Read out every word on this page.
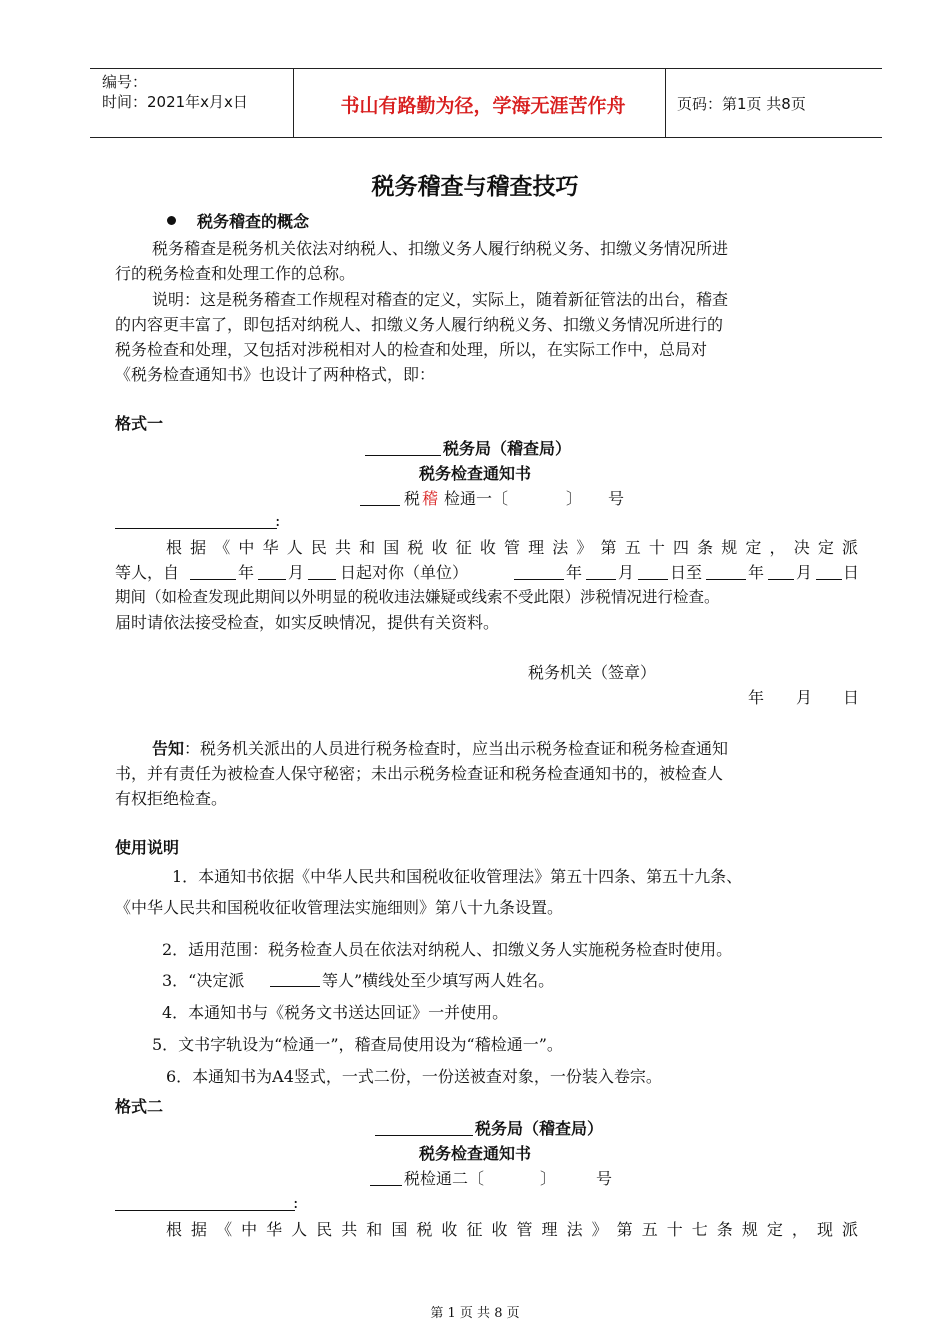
编号：
时间：2021年x月x日	书山有路勤为径，学海无涯苦作舟	页码：第1页 共8页
税务稽查与稽查技巧
税务稽查的概念
税务稽查是税务机关依法对纳税人、扣缴义务人履行纳税义务、扣缴义务情况所进
行的税务检查和处理工作的总称。
说明：这是税务稽查工作规程对稽查的定义，实际上，随着新征管法的出台，稽查
的内容更丰富了，即包括对纳税人、扣缴义务人履行纳税义务、扣缴义务情况所进行的
税务检查和处理，又包括对涉税相对人的检查和处理，所以，在实际工作中，总局对
《税务检查通知书》也设计了两种格式，即：
格式一
税务局（稽查局）
税务检查通知书
税 稽 检通一〔	〕 号
:
根据《中华人民共和国税收征收管理法》第五十四条规定，决定派
等人，自	年 月 日起对你（单位）	年 月 日至	年 月 日
期间（如检查发现此期间以外明显的税收违法嫌疑或线索不受此限）涉税情况进行检查。
届时请依法接受检查，如实反映情况，提供有关资料。
税务机关（签章）
年 月 日
告知 ：税务机关派出的人员进行税务检查时，应当出示税务检查证和税务检查通知
书，并有责任为被检查人保守秘密；未出示税务检查证和税务检查通知书的，被检查人
有权拒绝检查。
使用说明
1．本通知书依据《中华人民共和国税收征收管理法》第五十四条、第五十九条、
《中华人民共和国税收征收管理法实施细则》第八十九条设置。
2．适用范围：税务检查人员在依法对纳税人、扣缴义务人实施税务检查时使用。
3．“决定派	等人”横线处至少填写两人姓名。
4．本通知书与《税务文书送达回证》一并使用。
5．文书字轨设为“检通一”，稽查局使用设为“稽检通一”。
6．本通知书为A4竖式，一式二份，一份送被查对象，一份装入卷宗。
格式二
税务局（稽查局）
税务检查通知书
税检通二〔	〕 号
:
根据《中华人民共和国税收征收管理法》第五十七条规定，现派
第 1 页 共 8 页
